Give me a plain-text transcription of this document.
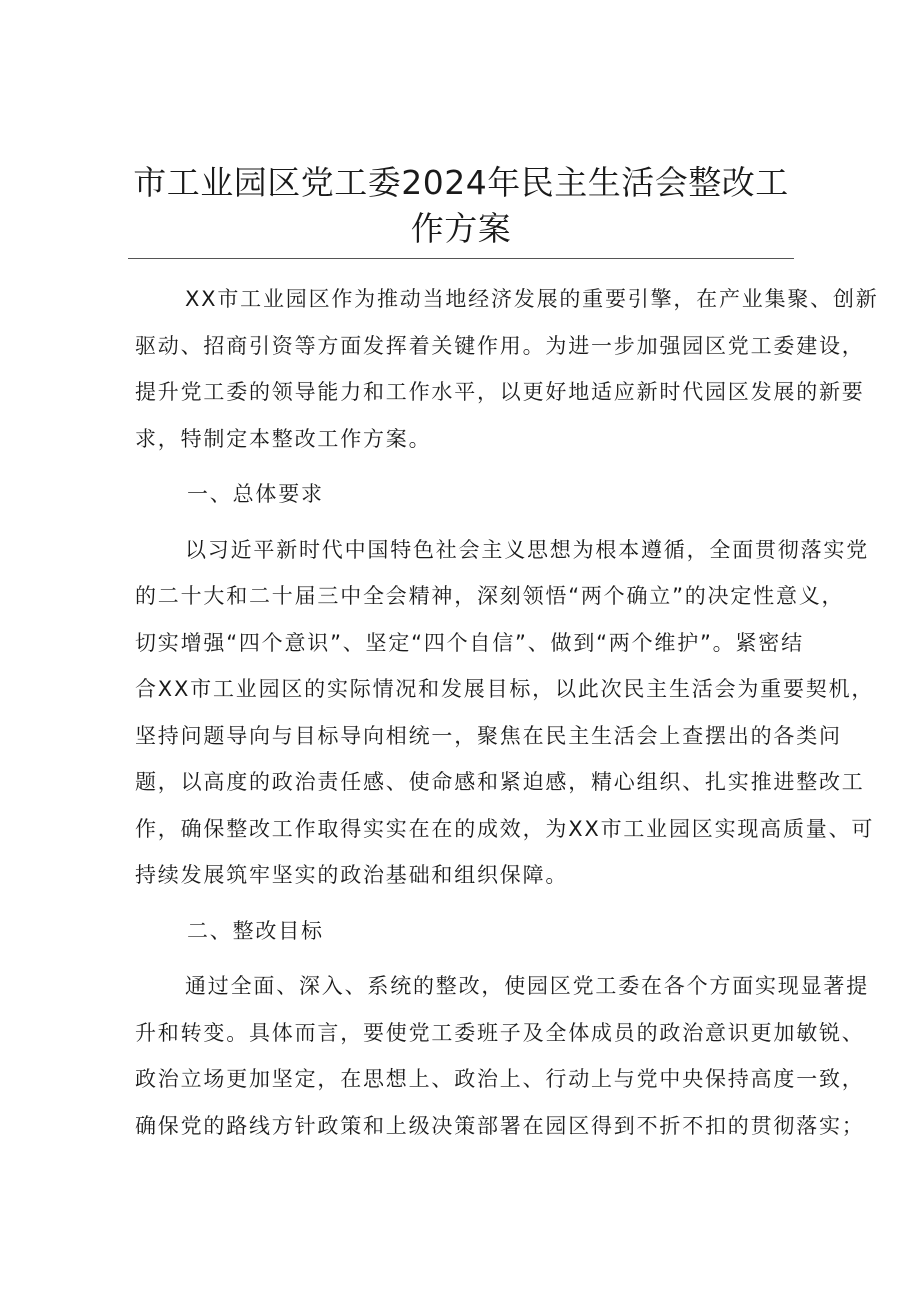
市工业园区党工委2024年民主生活会整改工
作方案
XX市工业园区作为推动当地经济发展的重要引擎，在产业集聚、创新
驱动、招商引资等方面发挥着关键作用。为进一步加强园区党工委建设，
提升党工委的领导能力和工作水平，以更好地适应新时代园区发展的新要
求，特制定本整改工作方案。
一、总体要求
以习近平新时代中国特色社会主义思想为根本遵循，全面贯彻落实党
的二十大和二十届三中全会精神，深刻领悟“两个确立”的决定性意义，
切实增强“四个意识”、坚定“四个自信”、做到“两个维护”。紧密结
合XX市工业园区的实际情况和发展目标，以此次民主生活会为重要契机，
坚持问题导向与目标导向相统一，聚焦在民主生活会上查摆出的各类问
题，以高度的政治责任感、使命感和紧迫感，精心组织、扎实推进整改工
作，确保整改工作取得实实在在的成效，为XX市工业园区实现高质量、可
持续发展筑牢坚实的政治基础和组织保障。
二、整改目标
通过全面、深入、系统的整改，使园区党工委在各个方面实现显著提
升和转变。具体而言，要使党工委班子及全体成员的政治意识更加敏锐、
政治立场更加坚定，在思想上、政治上、行动上与党中央保持高度一致，
确保党的路线方针政策和上级决策部署在园区得到不折不扣的贯彻落实；
